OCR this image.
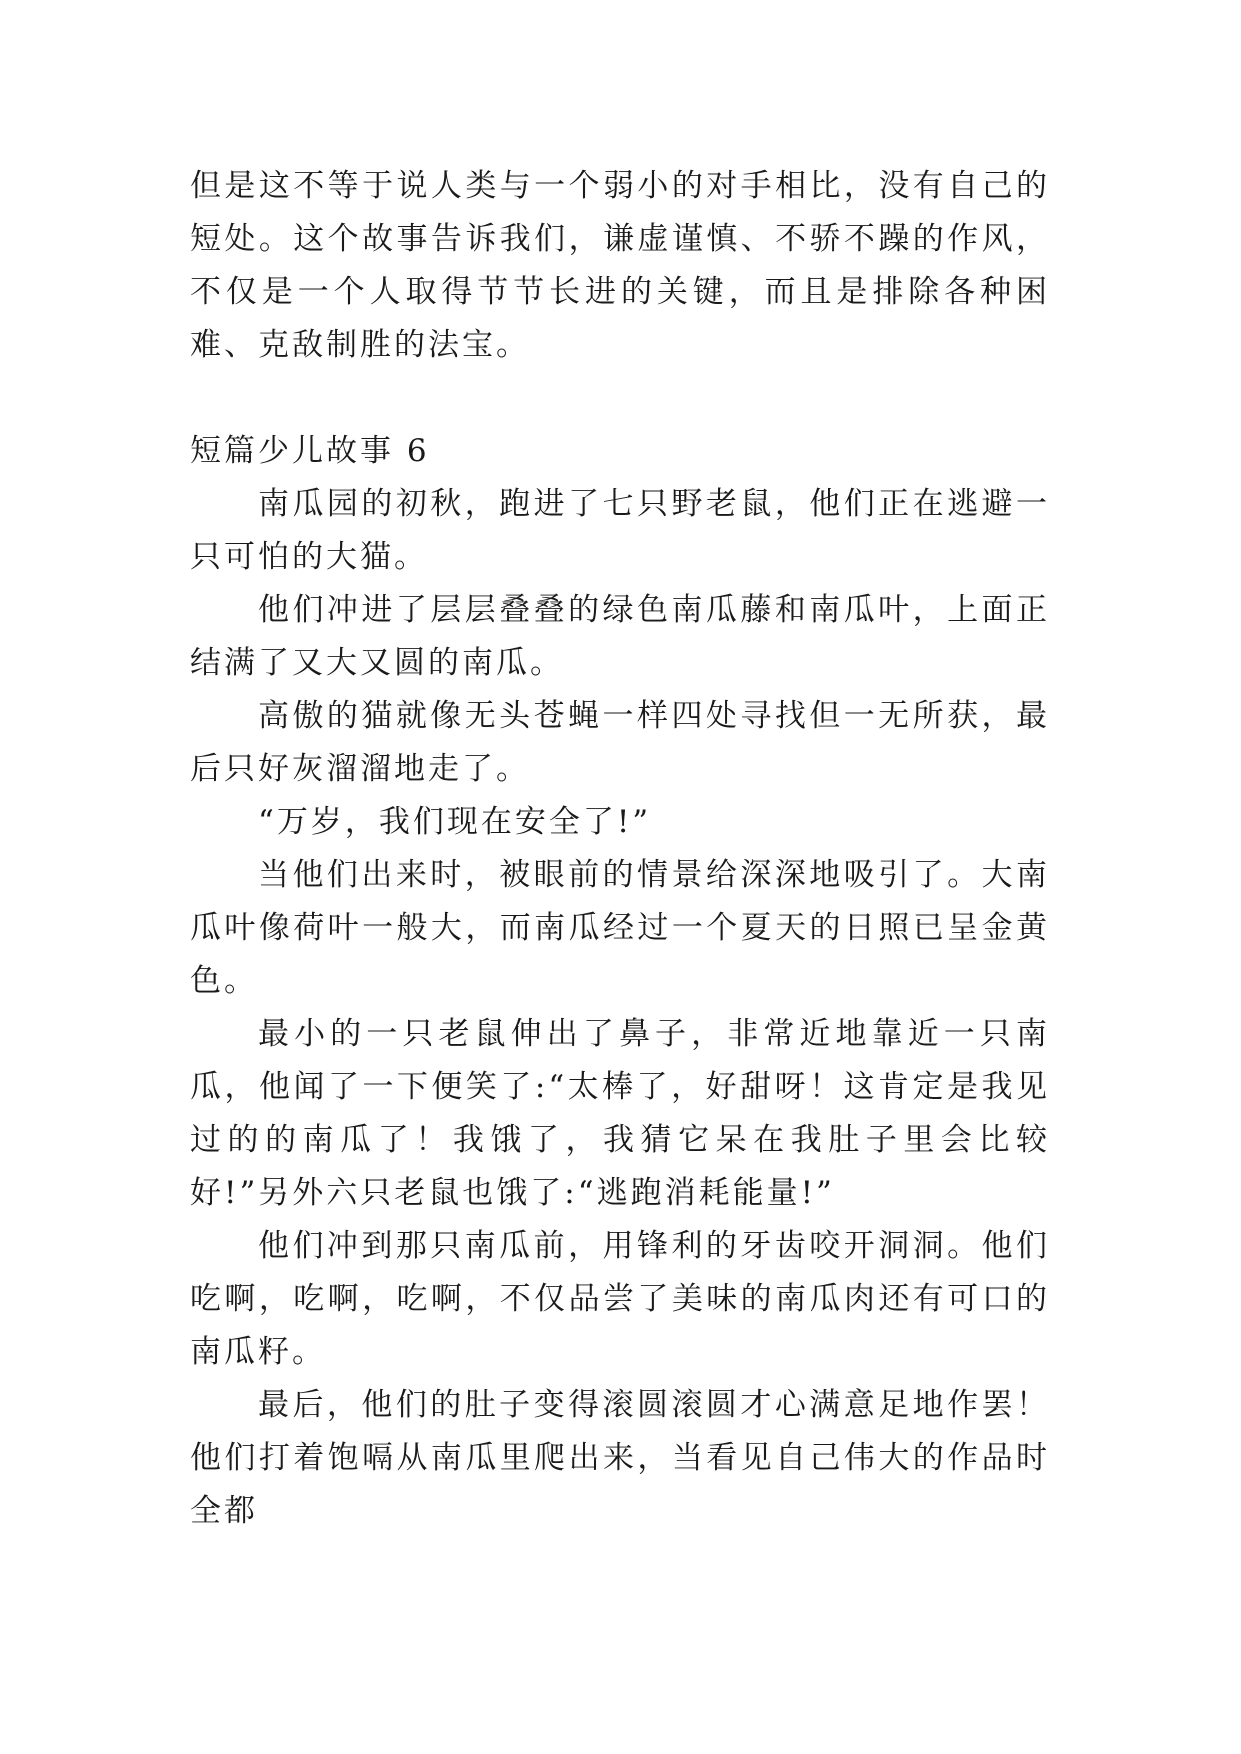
但是这不等于说人类与一个弱小的对手相比，没有自己的短处。这个故事告诉我们，谦虚谨慎、不骄不躁的作风，不仅是一个人取得节节长进的关键，而且是排除各种困难、克敌制胜的法宝。

短篇少儿故事 6

南瓜园的初秋，跑进了七只野老鼠，他们正在逃避一只可怕的大猫。

他们冲进了层层叠叠的绿色南瓜藤和南瓜叶，上面正结满了又大又圆的南瓜。

高傲的猫就像无头苍蝇一样四处寻找但一无所获，最后只好灰溜溜地走了。

“万岁，我们现在安全了!”

当他们出来时，被眼前的情景给深深地吸引了。大南瓜叶像荷叶一般大，而南瓜经过一个夏天的日照已呈金黄色。

最小的一只老鼠伸出了鼻子，非常近地靠近一只南瓜，他闻了一下便笑了:“太棒了，好甜呀！这肯定是我见过的的南瓜了！我饿了，我猜它呆在我肚子里会比较好!”另外六只老鼠也饿了:“逃跑消耗能量!”

他们冲到那只南瓜前，用锋利的牙齿咬开洞洞。他们吃啊，吃啊，吃啊，不仅品尝了美味的南瓜肉还有可口的南瓜籽。

最后，他们的肚子变得滚圆滚圆才心满意足地作罢！他们打着饱嗝从南瓜里爬出来，当看见自己伟大的作品时全都
